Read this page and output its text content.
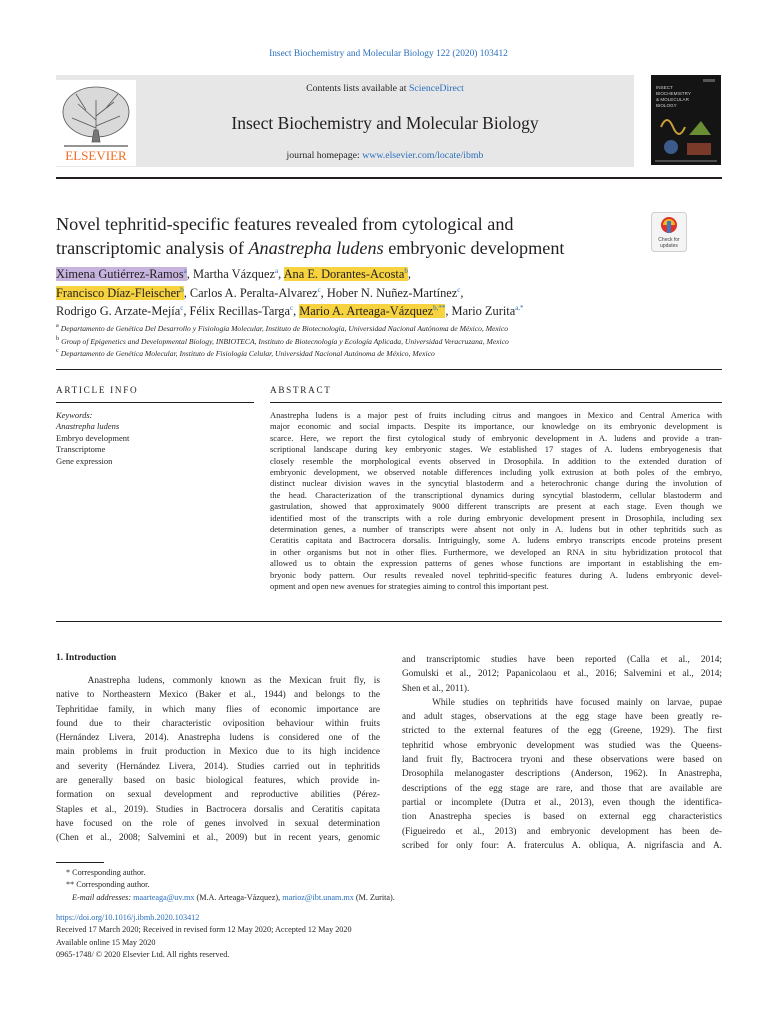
Insect Biochemistry and Molecular Biology 122 (2020) 103412
ELSEVIER
Contents lists available at ScienceDirect
Insect Biochemistry and Molecular Biology
journal homepage: www.elsevier.com/locate/ibmb
INSECT BIOCHEMISTRY & MOLECULAR BIOLOGY
Novel tephritid-specific features revealed from cytological and
transcriptomic analysis of Anastrepha ludens embryonic development	Check for
updates
Ximena Gutiérrez-Ramos$^a$, Martha Vázquez$^a$, Ana E. Dorantes-Acosta$^b$,
Francisco Díaz-Fleischer$^b$, Carlos A. Peralta-Alvarez$^c$, Hober N. Nuñez-Martínez$^c$,
Rodrigo G. Arzate-Mejía$^c$, Félix Recillas-Targa$^c$, Mario A. Arteaga-Vázquez$^{b,**}$, Mario Zurita$^{a,*}$
$^a$ Departamento de Genética Del Desarrollo y Fisiología Molecular, Instituto de Biotecnología, Universidad Nacional Autónoma de México, Mexico
$^b$ Group of Epigenetics and Developmental Biology, INBIOTECA, Instituto de Biotecnología y Ecología Aplicada, Universidad Veracruzana, Mexico
$^c$ Departamento de Genética Molecular, Instituto de Fisiología Celular, Universidad Nacional Autónoma de México, Mexico
ARTICLE INFO	ABSTRACT
Keywords:
Anastrepha ludens
Embryo development
Transcriptome
Gene expression
Anastrepha ludens is a major pest of fruits including citrus and mangoes in Mexico and Central America with
major economic and social impacts. Despite its importance, our knowledge on its embryonic development is
scarce. Here, we report the first cytological study of embryonic development in A. ludens and provide a tran-
scriptional landscape during key embryonic stages. We established 17 stages of A. ludens embryogenesis that
closely resemble the morphological events observed in Drosophila. In addition to the extended duration of
embryonic development, we observed notable differences including yolk extrusion at both poles of the embryo,
distinct nuclear division waves in the syncytial blastoderm and a heterochronic change during the involution of
the head. Characterization of the transcriptional dynamics during syncytial blastoderm, cellular blastoderm and
gastrulation, showed that approximately 9000 different transcripts are present at each stage. Even though we
identified most of the transcripts with a role during embryonic development present in Drosophila, including sex
determination genes, a number of transcripts were absent not only in A. ludens but in other tephritids such as
Ceratitis capitata and Bactrocera dorsalis. Intriguingly, some A. ludens embryo transcripts encode proteins present
in other organisms but not in other flies. Furthermore, we developed an RNA in situ hybridization protocol that
allowed us to obtain the expression patterns of genes whose functions are important in establishing the em-
bryonic body pattern. Our results revealed novel tephritid-specific features during A. ludens embryonic devel-
opment and open new avenues for strategies aiming to control this important pest.
1. Introduction
Anastrepha ludens, commonly known as the Mexican fruit fly, is
native to Northeastern Mexico (Baker et al., 1944) and belongs to the
Tephritidae family, in which many flies of economic importance are
found due to their characteristic oviposition behaviour within fruits
(Hernández Livera, 2014). Anastrepha ludens is considered one of the
main problems in fruit production in Mexico due to its high incidence
and severity (Hernández Livera, 2014). Studies carried out in tephritids
are generally based on basic biological features, which provide in-
formation on sexual development and reproductive abilities (Pérez-
Staples et al., 2019). Studies in Bactrocera dorsalis and Ceratitis capitata
have focused on the role of genes involved in sexual determination
(Chen et al., 2008; Salvemini et al., 2009) but in recent years, genomic
and transcriptomic studies have been reported (Calla et al., 2014;
Gomulski et al., 2012; Papanicolaou et al., 2016; Salvemini et al., 2014;
Shen et al., 2011).
While studies on tephritids have focused mainly on larvae, pupae
and adult stages, observations at the egg stage have been greatly re-
stricted to the external features of the egg (Greene, 1929). The first
tephritid whose embryonic development was studied was the Queens-
land fruit fly, Bactrocera tryoni and these observations were based on
Drosophila melanogaster descriptions (Anderson, 1962). In Anastrepha,
descriptions of the egg stage are rare, and those that are available are
partial or incomplete (Dutra et al., 2013), even though the identifica-
tion Anastrepha species is based on external egg characteristics
(Figueiredo et al., 2013) and embryonic development has been de-
scribed for only four: A. fraterculus A. obliqua, A. nigrifascia and A.
* Corresponding author.
** Corresponding author.
E-mail addresses: maarteaga@uv.mx (M.A. Arteaga-Vázquez), marioz@ibt.unam.mx (M. Zurita).
https://doi.org/10.1016/j.ibmb.2020.103412
Received 17 March 2020; Received in revised form 12 May 2020; Accepted 12 May 2020
Available online 15 May 2020
0965-1748/ © 2020 Elsevier Ltd. All rights reserved.
